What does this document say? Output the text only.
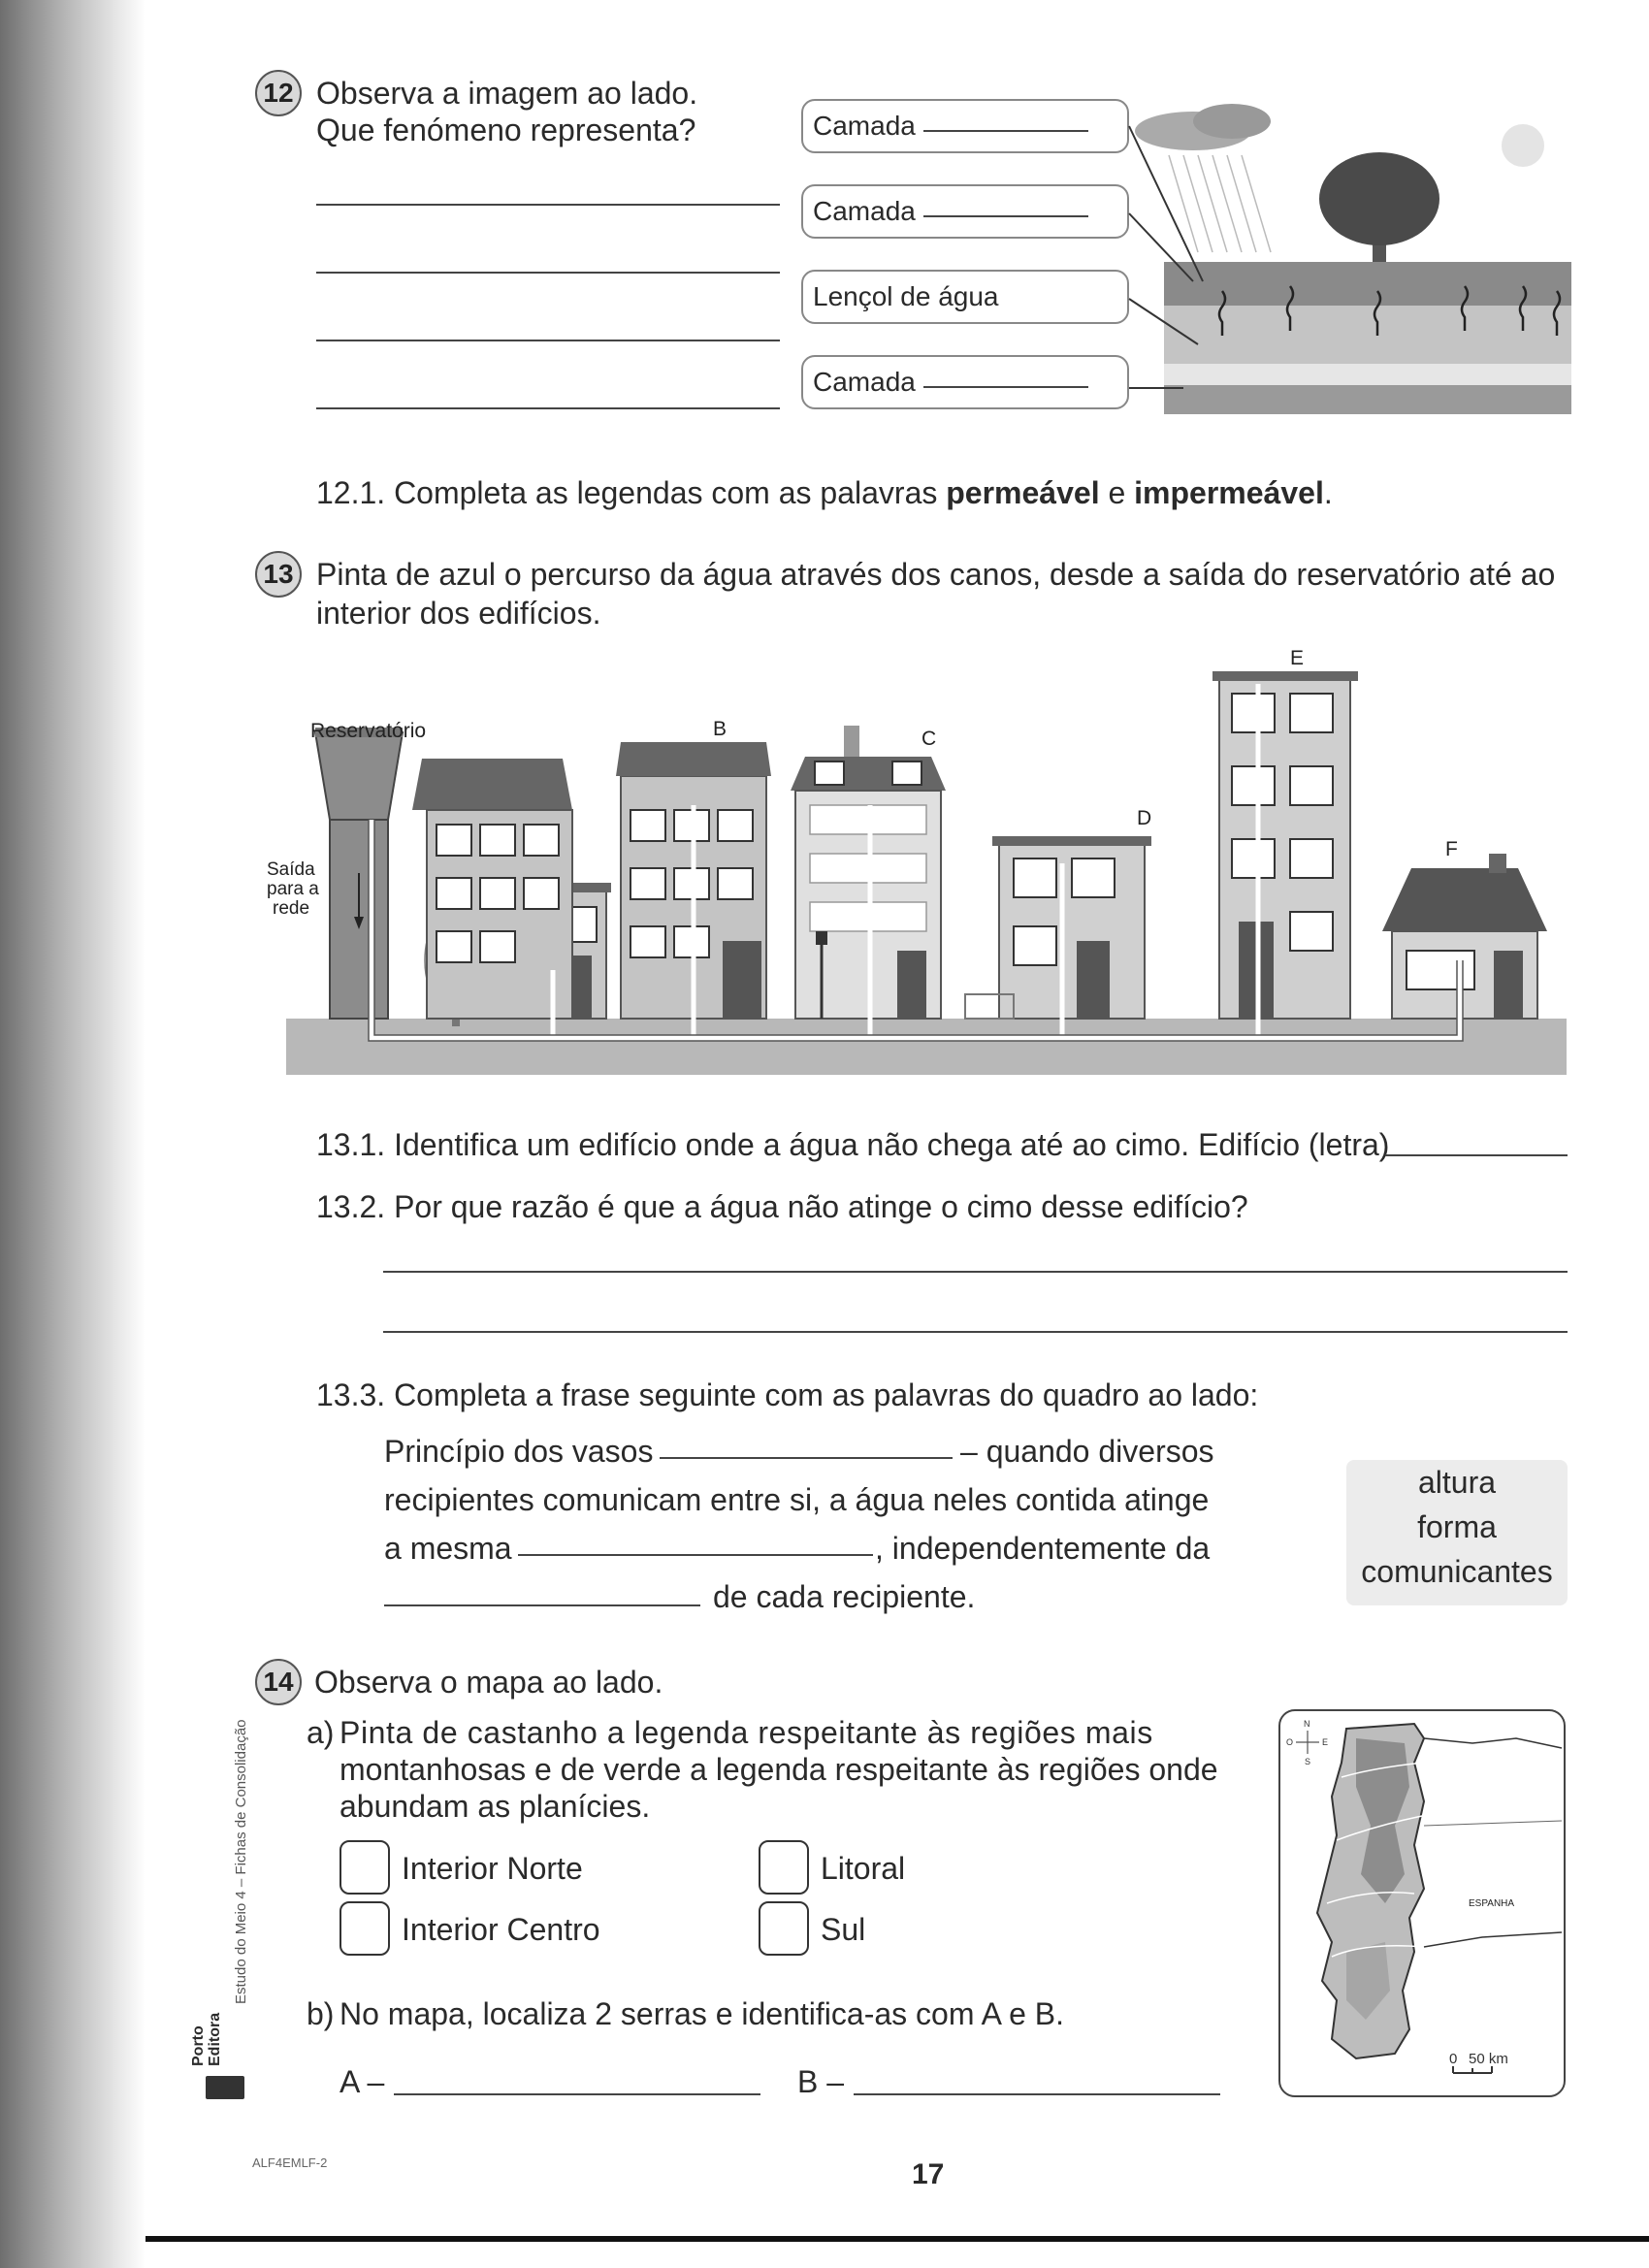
12 Observa a imagem ao lado.
Que fenómeno representa?	Camada
Camada
Lençol de água
Camada
12.1. Completa as legendas com as palavras permeável e impermeável.
13 Pinta de azul o percurso da água através dos canos, desde a saída do reservatório até ao
interior dos edifícios.
Reservatório
Saída
para a
rede
B	C
D
E
F
13.1. Identifica um edifício onde a água não chega até ao cimo. Edifício (letra)
13.2. Por que razão é que a água não atinge o cimo desse edifício?
13.3. Completa a frase seguinte com as palavras do quadro ao lado:
Princípio dos vasos	– quando diversos
recipientes comunicam entre si, a água neles contida atinge
a mesma	, independentemente da
de cada recipiente.
altura
forma
comunicantes
14 Observa o mapa ao lado.
a) Pinta de castanho a legenda respeitante às regiões mais
montanhosas e de verde a legenda respeitante às regiões onde
abundam as planícies.
Interior Norte	Litoral
Interior Centro	Sul
b) No mapa, localiza 2 serras e identifica-as com A e B.
A –	B –
N
S
O	E
ESPANHA
0 50 km
Porto Editora
Estudo do Meio 4 – Fichas de Consolidação
ALF4EMLF-2	17
